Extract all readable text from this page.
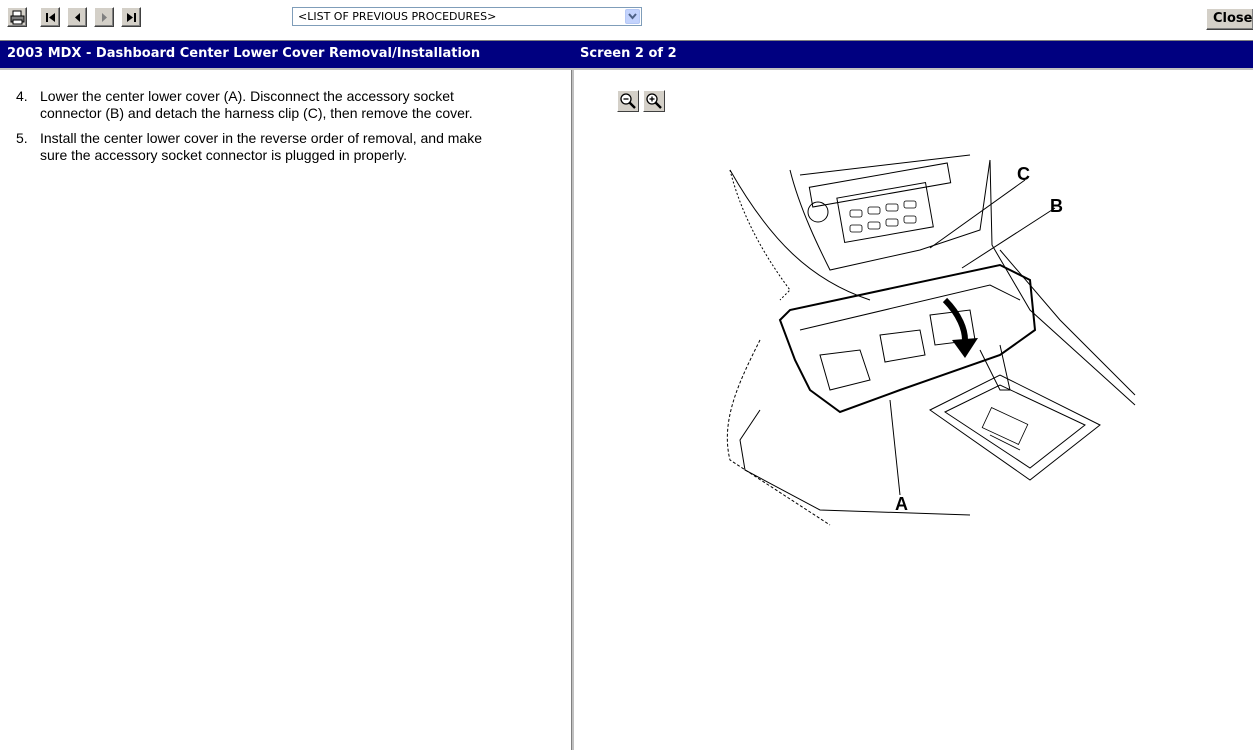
<LIST OF PREVIOUS PROCEDURES>	Close
2003 MDX - Dashboard Center Lower Cover Removal/Installation	Screen 2 of 2
4. Lower the center lower cover (A). Disconnect the accessory socket connector (B) and detach the harness clip (C), then remove the cover.
5. Install the center lower cover in the reverse order of removal, and make sure the accessory socket connector is plugged in properly.
C
B
A
